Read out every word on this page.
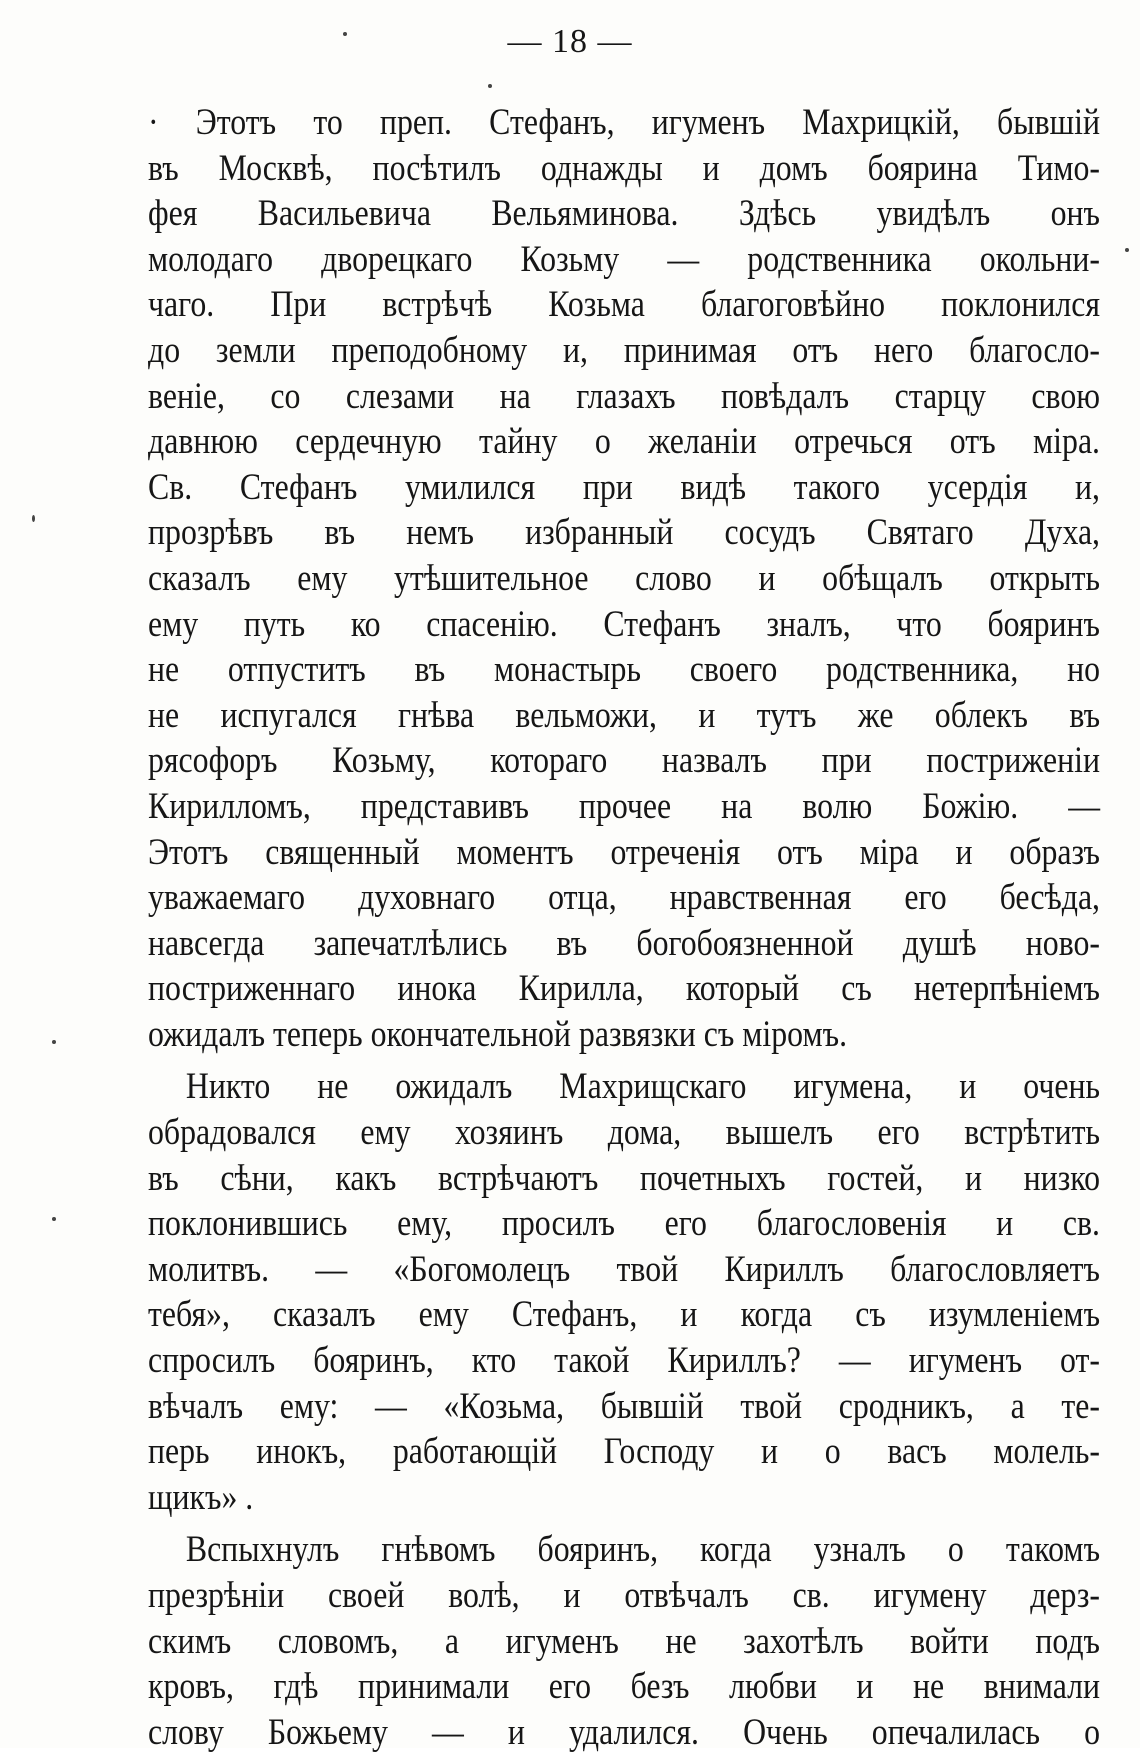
— 18 —
· Этотъ то преп. Стефанъ, игуменъ Махрицкій, бывшій
въ Москвѣ, посѣтилъ однажды и домъ боярина Тимо-
фея Васильевича Вельяминова. Здѣсь увидѣлъ онъ
молодаго дворецкаго Козьму — родственника окольни-
чаго. При встрѣчѣ Козьма благоговѣйно поклонился
до земли преподобному и, принимая отъ него благосло-
веніе, со слезами на глазахъ повѣдалъ старцу свою
давнюю сердечную тайну о желаніи отречься отъ міра.
Св. Стефанъ умилился при видѣ такого усердія и,
прозрѣвъ въ немъ избранный сосудъ Святаго Духа,
сказалъ ему утѣшительное слово и обѣщалъ открыть
ему путь ко спасенію. Стефанъ зналъ, что бояринъ
не отпуститъ въ монастырь своего родственника, но
не испугался гнѣва вельможи, и тутъ же облекъ въ
рясофоръ Козьму, котораго назвалъ при постриженіи
Кирилломъ, представивъ прочее на волю Божію. —
Этотъ священный моментъ отреченія отъ міра и образъ
уважаемаго духовнаго отца, нравственная его бесѣда,
навсегда запечатлѣлись въ богобоязненной душѣ ново-
постриженнаго инока Кирилла, который съ нетерпѣніемъ
ожидалъ теперь окончательной развязки съ міромъ.
Никто не ожидалъ Махрищскаго игумена, и очень
обрадовался ему хозяинъ дома, вышелъ его встрѣтить
въ сѣни, какъ встрѣчаютъ почетныхъ гостей, и низко
поклонившись ему, просилъ его благословенія и св.
молитвъ. — «Богомолецъ твой Кириллъ благословляетъ
тебя», сказалъ ему Стефанъ, и когда съ изумленіемъ
спросилъ бояринъ, кто такой Кириллъ? — игуменъ от-
вѣчалъ ему: — «Козьма, бывшій твой сродникъ, а те-
перь инокъ, работающій Господу и о васъ молель-
щикъ» .
Вспыхнулъ гнѣвомъ бояринъ, когда узналъ о такомъ
презрѣніи своей волѣ, и отвѣчалъ св. игумену дерз-
скимъ словомъ, а игуменъ не захотѣлъ войти подъ
кровъ, гдѣ принимали его безъ любви и не внимали
слову Божьему — и удалился. Очень опечалилась о
